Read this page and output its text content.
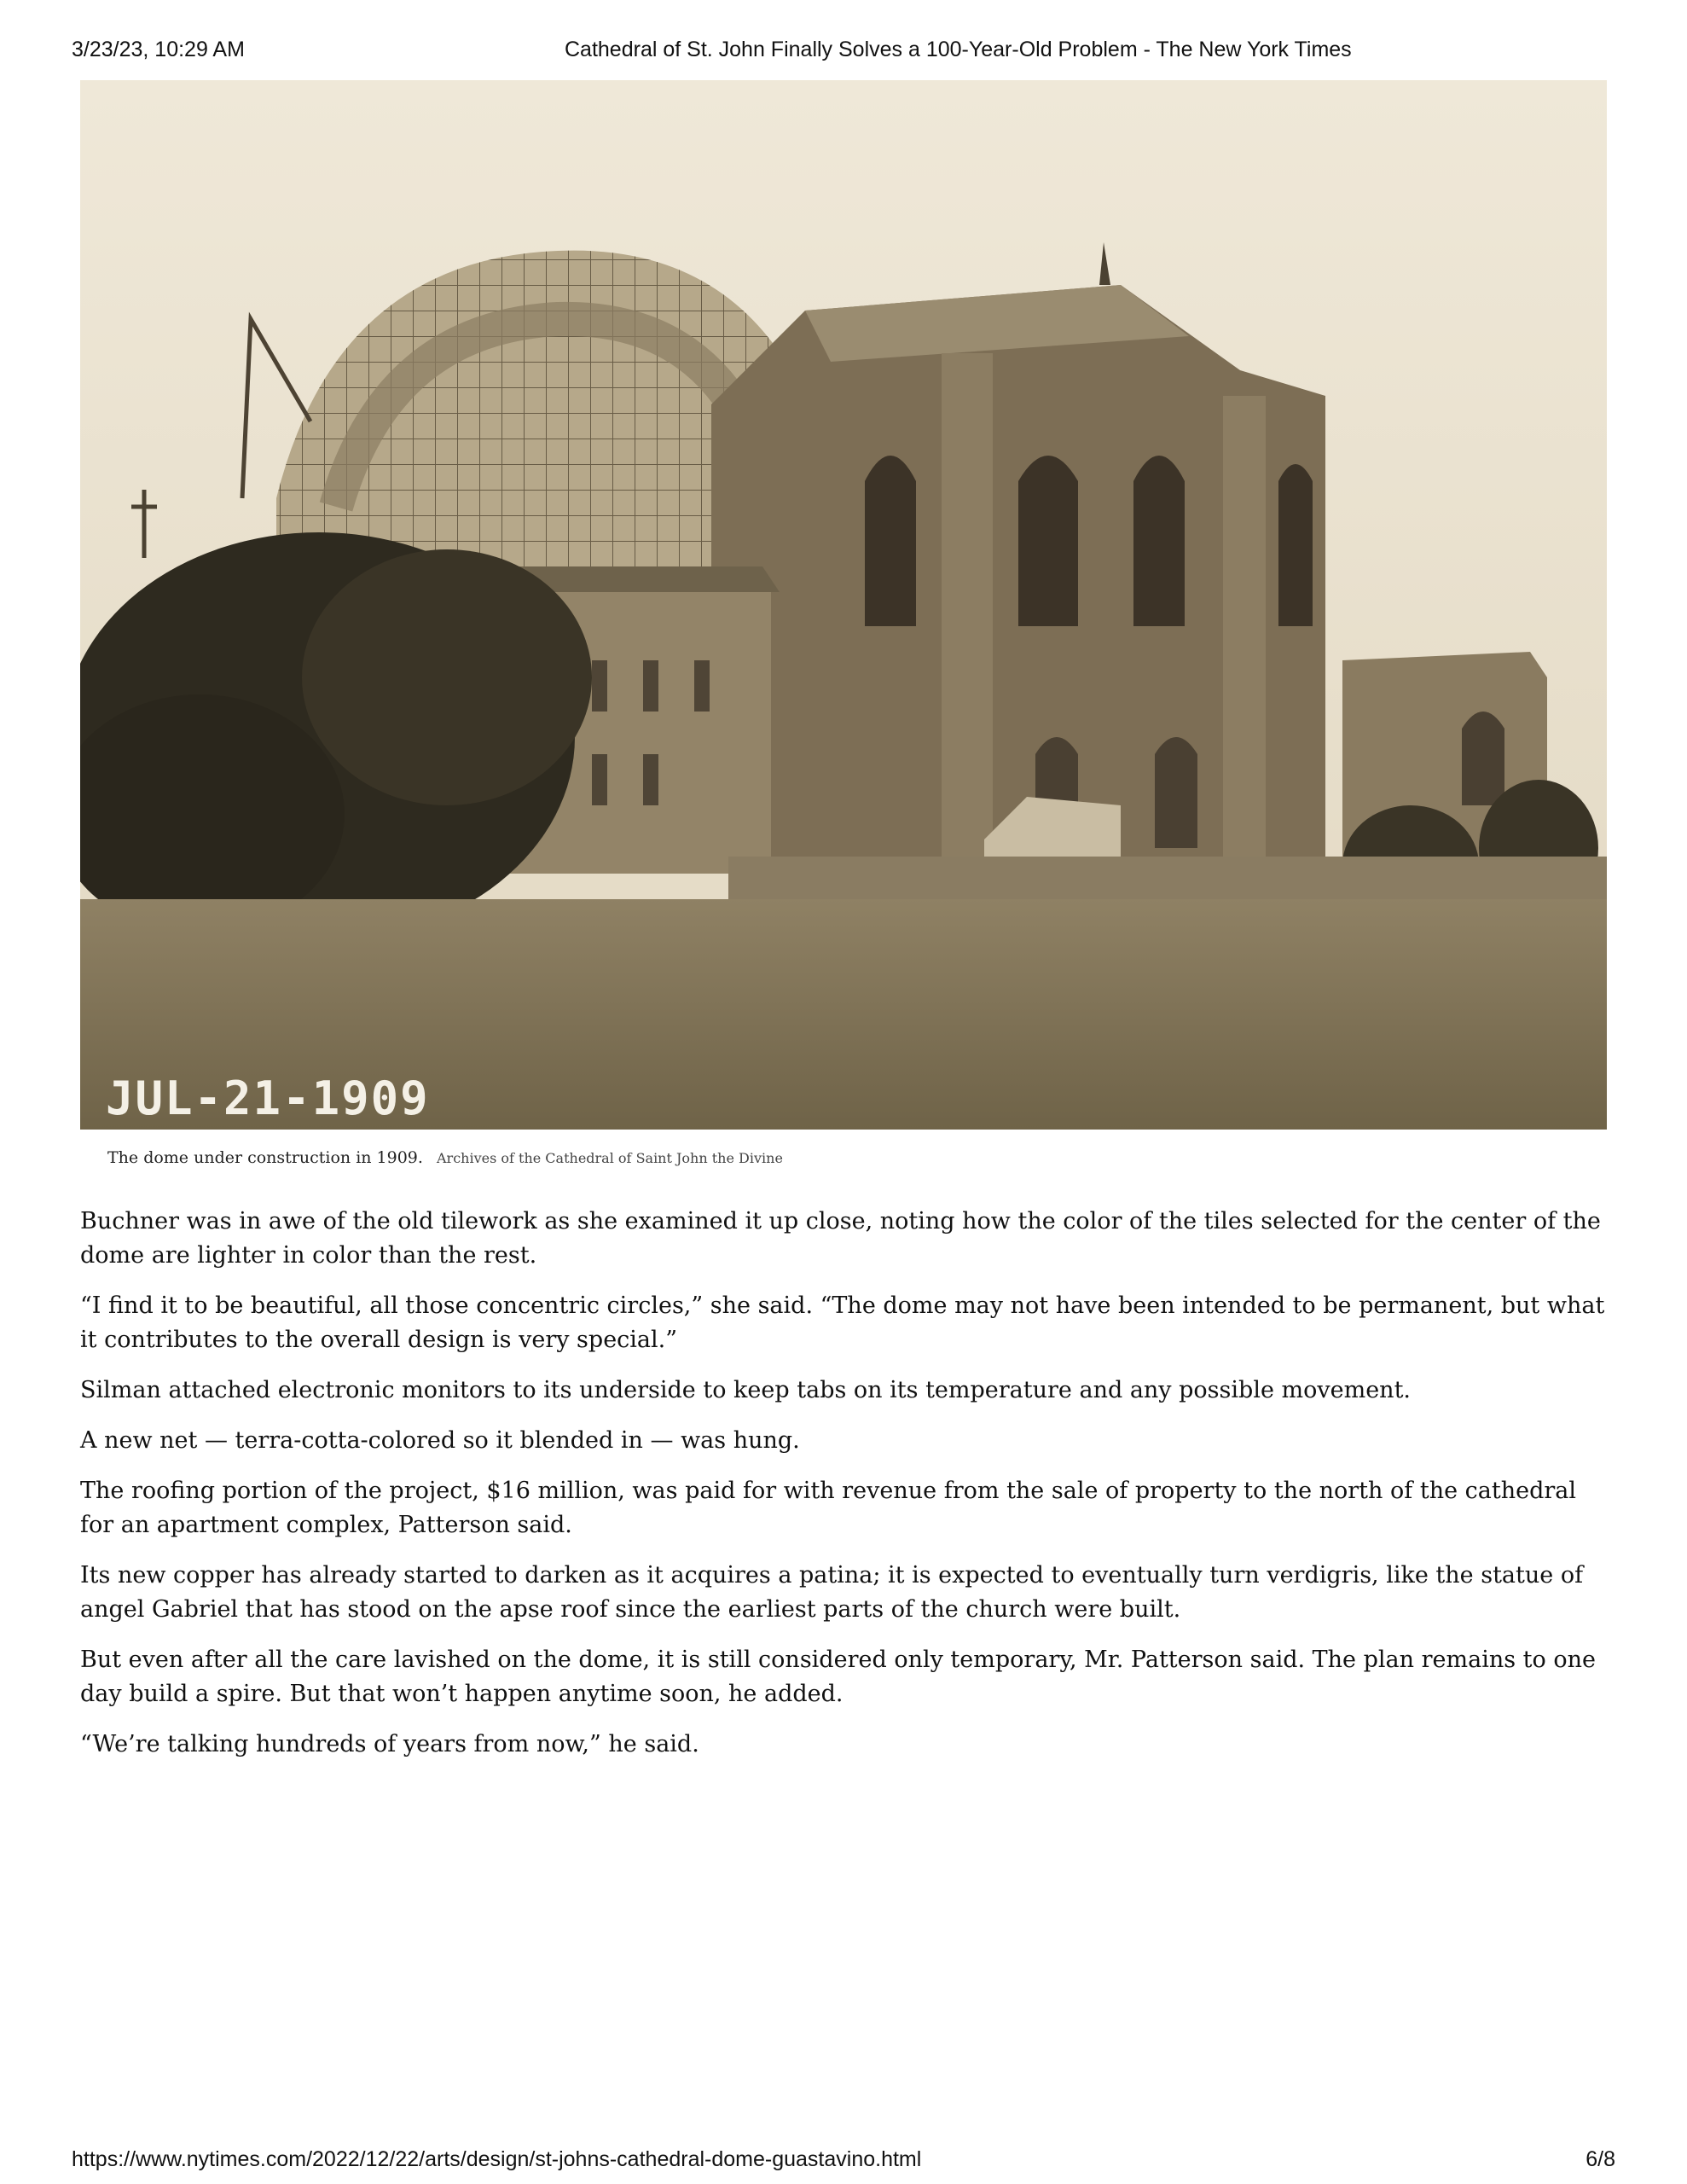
3/23/23, 10:29 AM	Cathedral of St. John Finally Solves a 100-Year-Old Problem - The New York Times
JUL-21-1909
The dome under construction in 1909. Archives of the Cathedral of Saint John the Divine

Buchner was in awe of the old tilework as she examined it up close, noting how the color of the tiles selected for the center of the dome are lighter in color than the rest.

“I find it to be beautiful, all those concentric circles,” she said. “The dome may not have been intended to be permanent, but what it contributes to the overall design is very special.”

Silman attached electronic monitors to its underside to keep tabs on its temperature and any possible movement.

A new net — terra-cotta-colored so it blended in — was hung.

The roofing portion of the project, $16 million, was paid for with revenue from the sale of property to the north of the cathedral for an apartment complex, Patterson said.

Its new copper has already started to darken as it acquires a patina; it is expected to eventually turn verdigris, like the statue of angel Gabriel that has stood on the apse roof since the earliest parts of the church were built.

But even after all the care lavished on the dome, it is still considered only temporary, Mr. Patterson said. The plan remains to one day build a spire. But that won’t happen anytime soon, he added.

“We’re talking hundreds of years from now,” he said.

https://www.nytimes.com/2022/12/22/arts/design/st-johns-cathedral-dome-guastavino.html	6/8
